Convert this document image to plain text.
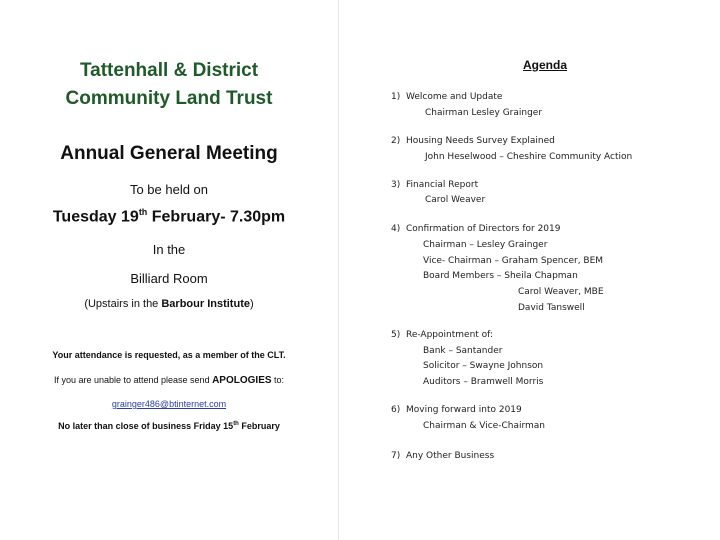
Tattenhall & District
Community Land Trust
Annual General Meeting
To be held on
Tuesday 19th February- 7.30pm
In the
Billiard Room
(Upstairs in the Barbour Institute)
Your attendance is requested, as a member of the CLT.
If you are unable to attend please send APOLOGIES to:
grainger486@btinternet.com
No later than close of business Friday 15th February
Agenda
1) Welcome and Update
Chairman Lesley Grainger
2) Housing Needs Survey Explained
John Heselwood – Cheshire Community Action
3) Financial Report
Carol Weaver
4) Confirmation of Directors for 2019
Chairman – Lesley Grainger
Vice- Chairman – Graham Spencer, BEM
Board Members – Sheila Chapman
Carol Weaver, MBE
David Tanswell
5) Re-Appointment of:
Bank – Santander
Solicitor – Swayne Johnson
Auditors – Bramwell Morris
6) Moving forward into 2019
Chairman & Vice-Chairman
7) Any Other Business
